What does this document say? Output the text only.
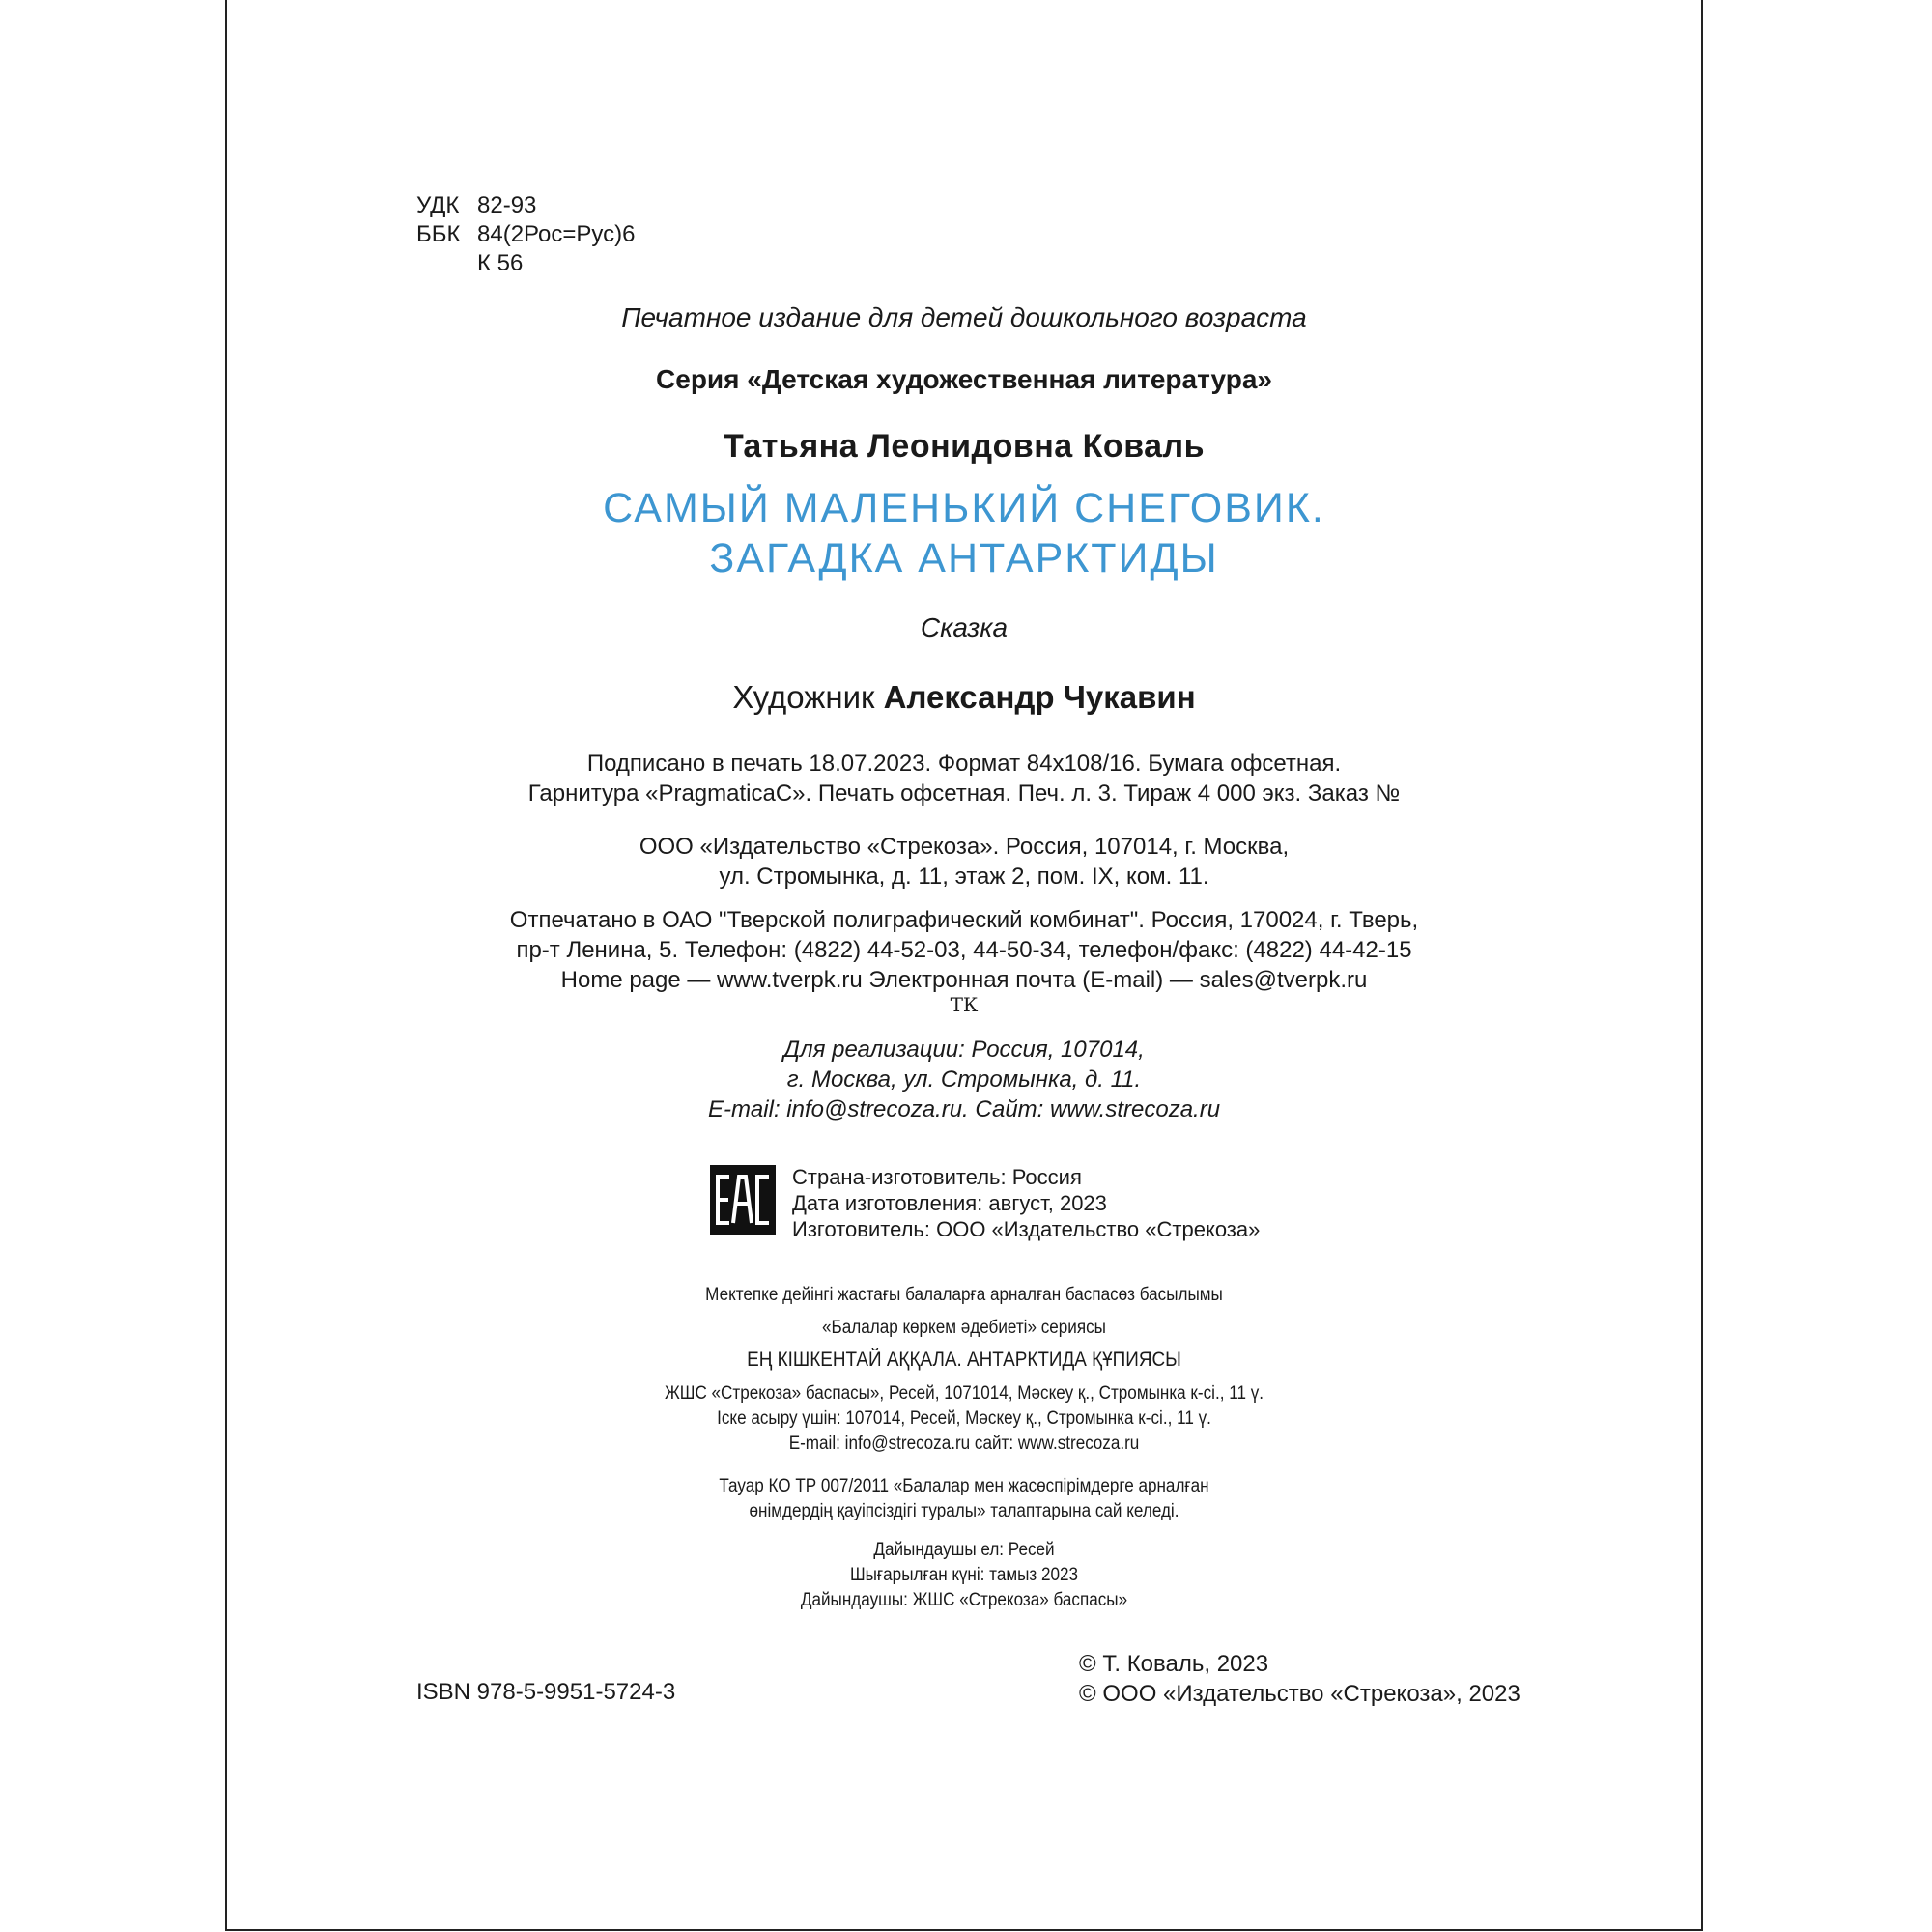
УДК 82-93
ББК 84(2Рос=Рус)6
К 56
Печатное издание для детей дошкольного возраста
Серия «Детская художественная литература»
Татьяна Леонидовна Коваль
САМЫЙ МАЛЕНЬКИЙ СНЕГОВИК.
ЗАГАДКА АНТАРКТИДЫ
Сказка
Художник Александр Чукавин
Подписано в печать 18.07.2023. Формат 84х108/16. Бумага офсетная.
Гарнитура «PragmaticaC». Печать офсетная. Печ. л. 3. Тираж 4 000 экз. Заказ №
ООО «Издательство «Стрекоза». Россия, 107014, г. Москва,
ул. Стромынка, д. 11, этаж 2, пом. IX, ком. 11.
Отпечатано в ОАО "Тверской полиграфический комбинат". Россия, 170024, г. Тверь,
пр-т Ленина, 5. Телефон: (4822) 44-52-03, 44-50-34, телефон/факс: (4822) 44-42-15
Home page — www.tverpk.ru Электронная почта (E-mail) — sales@tverpk.ru
ТК
Для реализации: Россия, 107014,
г. Москва, ул. Стромынка, д. 11.
E-mail: info@strecoza.ru. Сайт: www.strecoza.ru
Страна-изготовитель: Россия
Дата изготовления: август, 2023
Изготовитель: ООО «Издательство «Стрекоза»
Мектепке дейінгі жастағы балаларға арналған баспасөз басылымы
«Балалар көркем әдебиеті» сериясы
ЕҢ КІШКЕНТАЙ АҚҚАЛА. АНТАРКТИДА ҚҰПИЯСЫ
ЖШС «Стрекоза» баспасы», Ресей, 1071014, Мәскеу қ., Стромынка к-сі., 11 ү.
Іске асыру үшін: 107014, Ресей, Мәскеу қ., Стромынка к-сі., 11 ү.
E-mail: info@strecoza.ru сайт: www.strecoza.ru
Тауар КО ТР 007/2011 «Балалар мен жасөспірімдерге арналған
өнімдердің қауіпсіздігі туралы» талаптарына сай келеді.
Дайындаушы ел: Ресей
Шығарылған күні: тамыз 2023
Дайындаушы: ЖШС «Стрекоза» баспасы»
© Т. Коваль, 2023
© ООО «Издательство «Стрекоза», 2023
ISBN 978-5-9951-5724-3
